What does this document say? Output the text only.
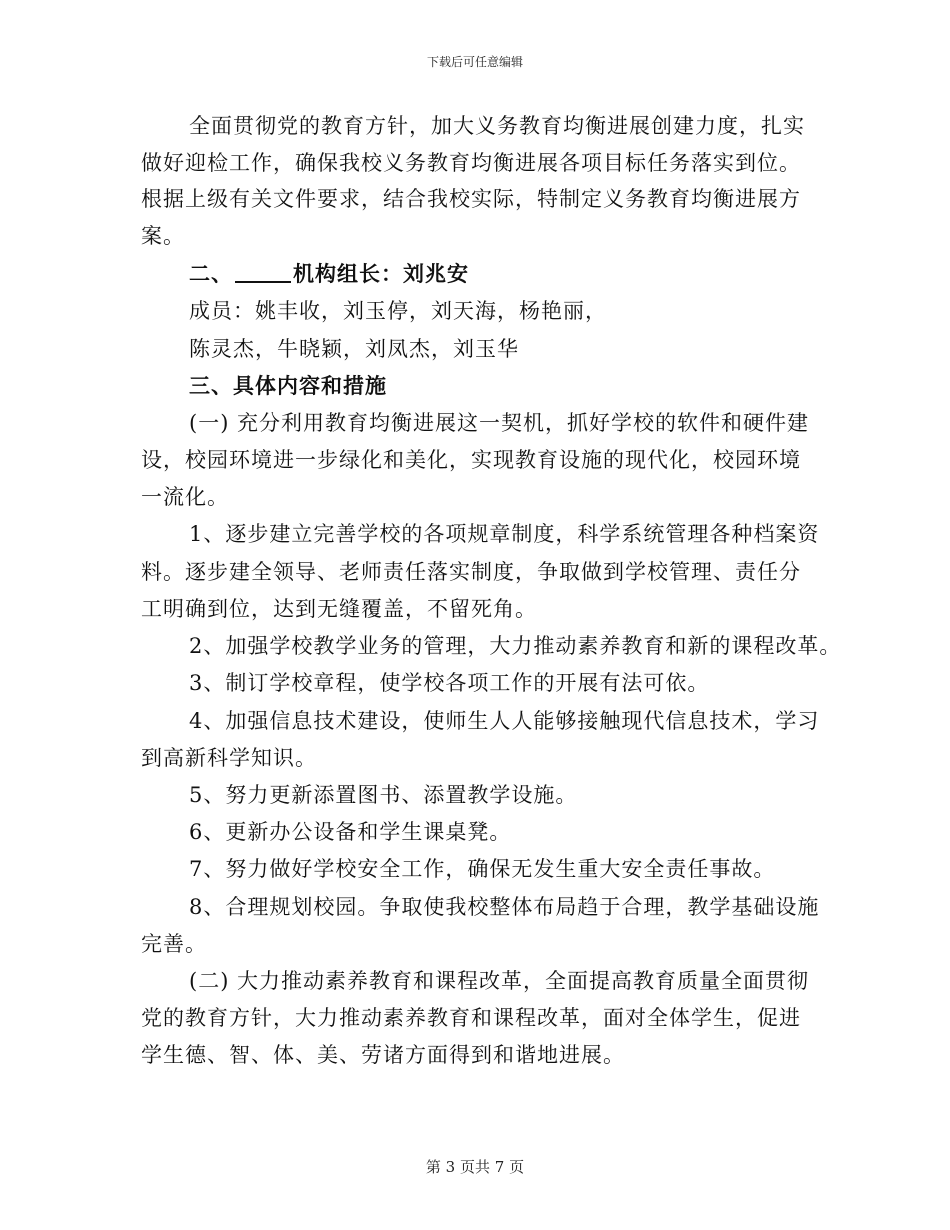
下载后可任意编辑
全面贯彻党的教育方针，加大义务教育均衡进展创建力度，扎实
做好迎检工作，确保我校义务教育均衡进展各项目标任务落实到位。
根据上级有关文件要求，结合我校实际，特制定义务教育均衡进展方
案。
二、	机构组长：刘兆安
成员：姚丰收，刘玉停，刘天海，杨艳丽，
陈灵杰，牛晓颖，刘凤杰，刘玉华
三、具体内容和措施
(一) 充分利用教育均衡进展这一契机，抓好学校的软件和硬件建
设，校园环境进一步绿化和美化，实现教育设施的现代化，校园环境
一流化。
1、逐步建立完善学校的各项规章制度，科学系统管理各种档案资
料。逐步建全领导、老师责任落实制度，争取做到学校管理、责任分
工明确到位，达到无缝覆盖，不留死角。
2、加强学校教学业务的管理，大力推动素养教育和新的课程改革。
3、制订学校章程，使学校各项工作的开展有法可依。
4、加强信息技术建设，使师生人人能够接触现代信息技术，学习
到高新科学知识。
5、努力更新添置图书、添置教学设施。
6、更新办公设备和学生课桌凳。
7、努力做好学校安全工作，确保无发生重大安全责任事故。
8、合理规划校园。争取使我校整体布局趋于合理，教学基础设施
完善。
(二) 大力推动素养教育和课程改革，全面提高教育质量全面贯彻
党的教育方针，大力推动素养教育和课程改革，面对全体学生，促进
学生德、智、体、美、劳诸方面得到和谐地进展。
第 3 页共 7 页
